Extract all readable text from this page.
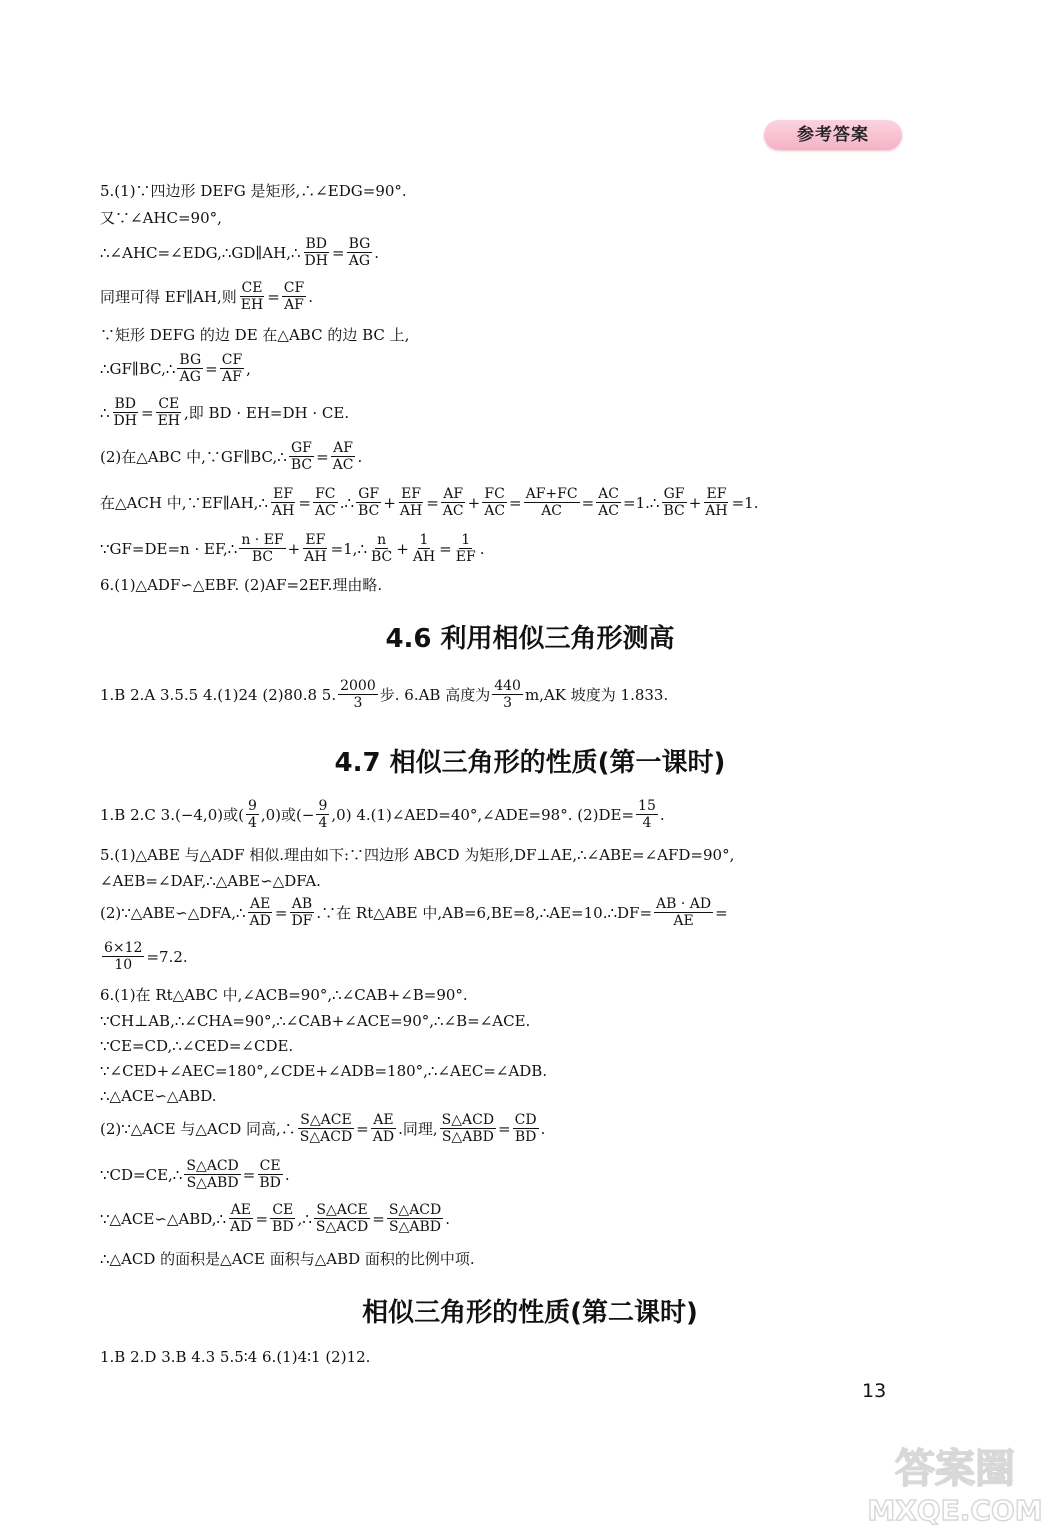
参考答案
5.(1)∵四边形 DEFG 是矩形,∴∠EDG=90°.
又∵∠AHC=90°,
∴∠AHC=∠EDG,∴GD∥AH,∴ BD
DH = BG
AG .
同理可得 EF∥AH,则 CE
EH = CF
AF .
∵矩形 DEFG 的边 DE 在△ABC 的边 BC 上,
∴GF∥BC,∴ BG
AG = CF
AF ,
∴ BD
DH = CE
EH ,即 BD · EH=DH · CE.
(2)在△ABC 中,∵GF∥BC,∴ GF
BC = AF
AC .
在△ACH 中,∵EF∥AH,∴ EF
AH = FC
AC . ∴ GF
BC + EF
AH = AF
AC + FC
AC = AF+FC
AC = $\frac{AC}{AC}$ =1.∴ GF
BC + $\frac{EF}{AH} =1$.
∵GF=DE=n · EF,∴ n · EF
BC + $\frac{EF}{AH}$ =1,∴ n
BC + 1
AH = 1
EF .
6.(1)△ADF∽△EBF. (2)AF=2EF.理由略.
4.6 利用相似三角形测高
1.B 2.A 3.5.5 4.(1)24 (2)80.8 5. 2000
3 步. 6.AB 高度为 440
3 m,AK 坡度为 1.833.
4.7 相似三角形的性质(第一课时)
1.B 2.C 3.(−4,0)或( 9
4 ,0)或(− $\frac{9}{4} ,0$) 4.(1)∠AED=40°,∠ADE=98°. $(2)DE= \frac{15}{4}$ .
5.(1)△ABE 与△ADF 相似.理由如下:∵四边形 ABCD 为矩形,DF⊥AE,∴∠ABE=∠AFD=90°,
∠AEB=∠DAF,∴△ABE∽△DFA.
(2)∵△ABE∽△DFA,∴ AE
AD = AB
DF .∵在 Rt△ABE 中,AB=6,BE=8,∴AE=10.∴DF= $\frac{AB \cdot AD}{AE}$ =
$\frac{6\times 12}{10} =7.2$.
6.(1)在 Rt△ABC 中,∠ACB=90°,∴∠CAB+∠B=90°.
∵CH⊥AB,∴∠CHA=90°,∴∠CAB+∠ACE=90°,∴∠B=∠ACE.
∵CE=CD,∴∠CED=∠CDE.
∵∠CED+∠AEC=180°,∠CDE+∠ADB=180°,∴∠AEC=∠ADB.
∴△ACE∽△ABD.
(2)∵△ACE 与△ACD 同高,∴ S△ACE
S△ACD = AE
AD .同理, S△ACD
S△ABD = CD
BD .
∵CD=CE,∴ S△ACD
S△ABD = CE
BD .
∵△ACE∽△ABD,∴ AE
AD = CE
BD ,∴ S△ACE
S△ACD = S△ACD
S△ABD .
∴△ACD 的面积是△ACE 面积与△ABD 面积的比例中项.
相似三角形的性质(第二课时)
1.B 2.D 3.B 4.3 5.5∶4 6.(1)4∶1 (2)12.
13
答案圈
MXQE.COM
